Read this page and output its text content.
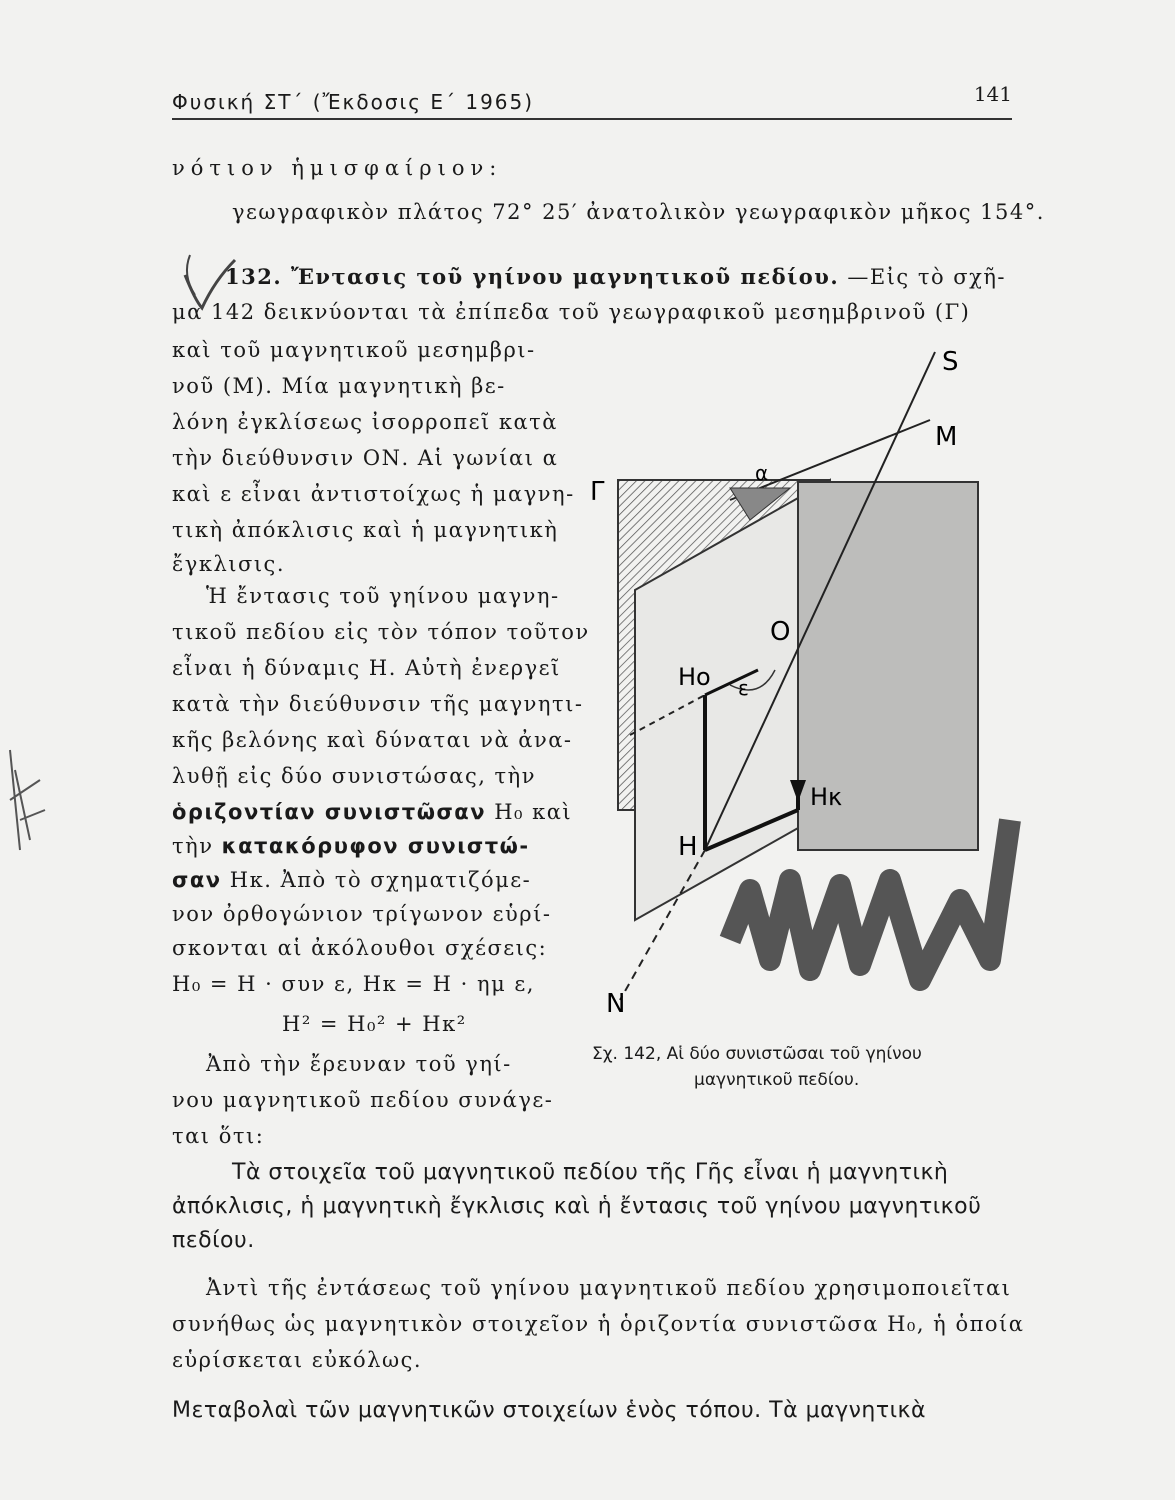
Φυσική ΣΤ΄ (Ἔκδοσις Ε΄ 1965)	141
νότιον ἡμισφαίριον:
γεωγραφικὸν πλάτος 72° 25′ ἀνατολικὸν γεωγραφικὸν μῆκος 154°.
132. Ἔντασις τοῦ γηίνου μαγνητικοῦ πεδίου. —Εἰς τὸ σχῆ-
μα 142 δεικνύονται τὰ ἐπίπεδα τοῦ γεωγραφικοῦ μεσημβρινοῦ (Γ)
καὶ τοῦ μαγνητικοῦ μεσημβρι-
νοῦ (Μ). Μία μαγνητικὴ βε-
λόνη ἐγκλίσεως ἰσορροπεῖ κατὰ
τὴν διεύθυνσιν ΟΝ. Αἱ γωνίαι α
καὶ ε εἶναι ἀντιστοίχως ἡ μαγνη-
τικὴ ἀπόκλισις καὶ ἡ μαγνητικὴ
ἔγκλισις.
Ἡ ἔντασις τοῦ γηίνου μαγνη-
τικοῦ πεδίου εἰς τὸν τόπον τοῦτον
εἶναι ἡ δύναμις Η. Αὐτὴ ἐνεργεῖ
κατὰ τὴν διεύθυνσιν τῆς μαγνητι-
κῆς βελόνης καὶ δύναται νὰ ἀνα-
λυθῇ εἰς δύο συνιστώσας, τὴν
ὁριζοντίαν συνιστῶσαν Η₀ καὶ
τὴν κατακόρυφον συνιστώ-
σαν Ηκ. Ἀπὸ τὸ σχηματιζόμε-
νον ὀρθογώνιον τρίγωνον εὑρί-
σκονται αἱ ἀκόλουθοι σχέσεις:
Η₀ = Η · συν ε, Ηκ = Η · ημ ε,
Η² = Η₀² + Ηκ²
Ἀπὸ τὴν ἔρευναν τοῦ γηί-
νου μαγνητικοῦ πεδίου συνάγε-
ται ὅτι:
Τὰ στοιχεῖα τοῦ μαγνητικοῦ πεδίου τῆς Γῆς εἶναι ἡ μαγνητικὴ
ἀπόκλισις, ἡ μαγνητικὴ ἔγκλισις καὶ ἡ ἔντασις τοῦ γηίνου μαγνητικοῦ
πεδίου.
Ἀντὶ τῆς ἐντάσεως τοῦ γηίνου μαγνητικοῦ πεδίου χρησιμοποιεῖται
συνήθως ὡς μαγνητικὸν στοιχεῖον ἡ ὁριζοντία συνιστῶσα Η₀, ἡ ὁποία
εὑρίσκεται εὐκόλως.
Μεταβολαὶ τῶν μαγνητικῶν στοιχείων ἑνὸς τόπου. Τὰ μαγνητικὰ
S
M
Γ
α
O
Ho ε
Hκ
H
N
Σχ. 142, Αἱ δύο συνιστῶσαι τοῦ γηίνου
μαγνητικοῦ πεδίου.
